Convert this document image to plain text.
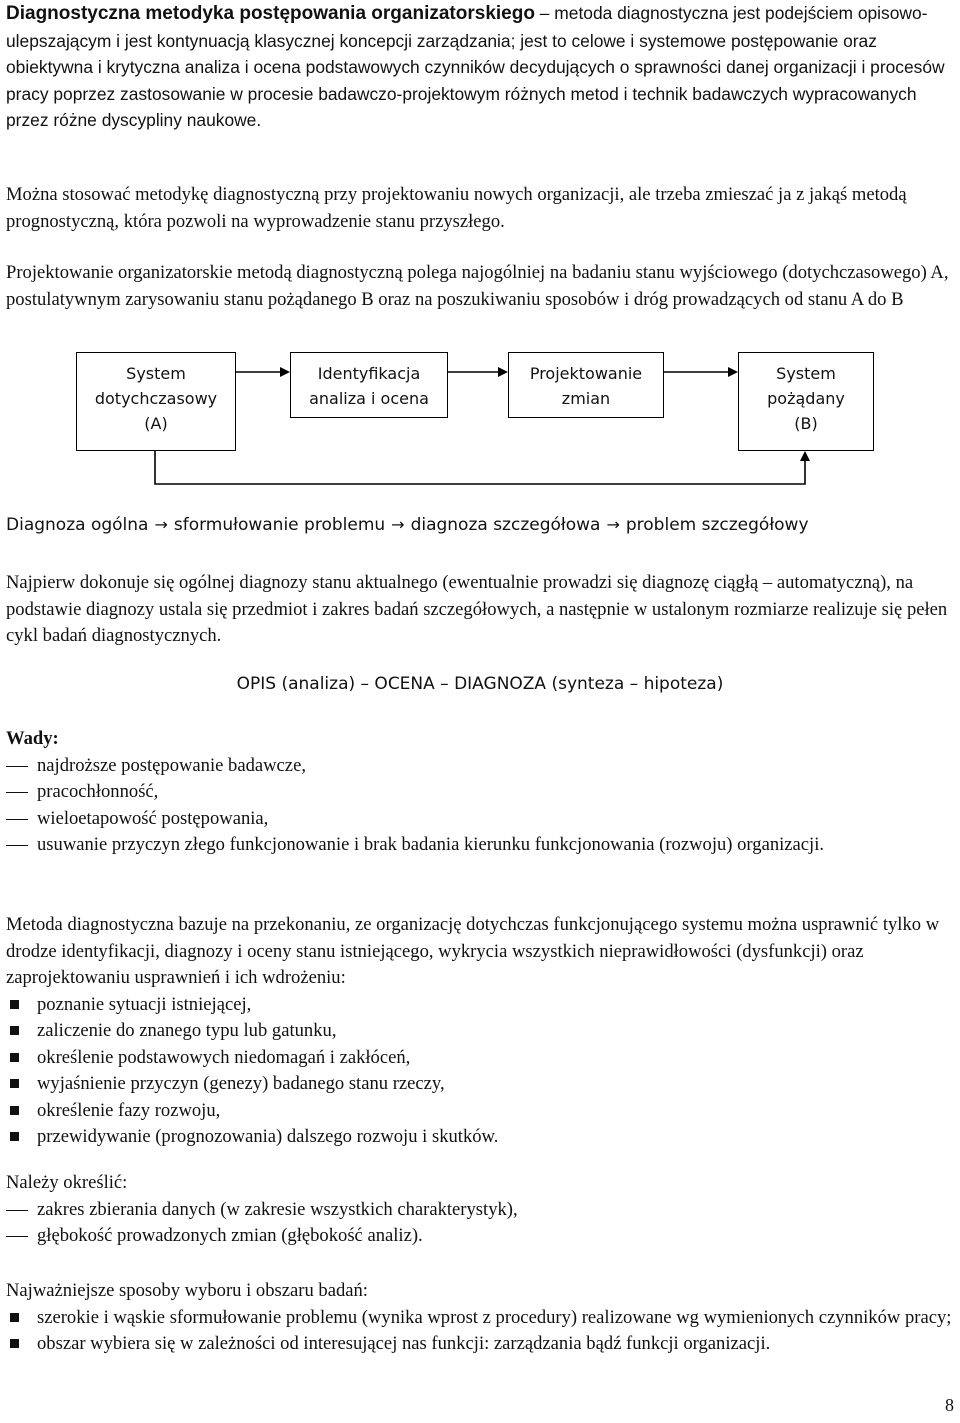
Diagnostyczna metodyka postępowania organizatorskiego – metoda diagnostyczna jest podejściem opisowo-ulepszającym i jest kontynuacją klasycznej koncepcji zarządzania; jest to celowe i systemowe postępowanie oraz obiektywna i krytyczna analiza i ocena podstawowych czynników decydujących o sprawności danej organizacji i procesów pracy poprzez zastosowanie w procesie badawczo-projektowym różnych metod i technik badawczych wypracowanych przez różne dyscypliny naukowe.

Można stosować metodykę diagnostyczną przy projektowaniu nowych organizacji, ale trzeba zmieszać ja z jakąś metodą prognostyczną, która pozwoli na wyprowadzenie stanu przyszłego.

Projektowanie organizatorskie metodą diagnostyczną polega najogólniej na badaniu stanu wyjściowego (dotychczasowego) A, postulatywnym zarysowaniu stanu pożądanego B oraz na poszukiwaniu sposobów i dróg prowadzących od stanu A do B

System
dotychczasowy
(A)
Identyfikacja
analiza i ocena
Projektowanie
zmian
System
pożądany
(B)
Diagnoza ogólna → sformułowanie problemu → diagnoza szczegółowa → problem szczegółowy

Najpierw dokonuje się ogólnej diagnozy stanu aktualnego (ewentualnie prowadzi się diagnozę ciągłą – automatyczną), na podstawie diagnozy ustala się przedmiot i zakres badań szczegółowych, a następnie w ustalonym rozmiarze realizuje się pełen cykl badań diagnostycznych.

OPIS (analiza) – OCENA – DIAGNOZA (synteza – hipoteza)

Wady:

najdroższe postępowanie badawcze,
pracochłonność,
wieloetapowość postępowania,
usuwanie przyczyn złego funkcjonowanie i brak badania kierunku funkcjonowania (rozwoju) organizacji.

Metoda diagnostyczna bazuje na przekonaniu, ze organizację dotychczas funkcjonującego systemu można usprawnić tylko w drodze identyfikacji, diagnozy i oceny stanu istniejącego, wykrycia wszystkich nieprawidłowości (dysfunkcji) oraz zaprojektowaniu usprawnień i ich wdrożeniu:

poznanie sytuacji istniejącej,
zaliczenie do znanego typu lub gatunku,
określenie podstawowych niedomagań i zakłóceń,
wyjaśnienie przyczyn (genezy) badanego stanu rzeczy,
określenie fazy rozwoju,
przewidywanie (prognozowania) dalszego rozwoju i skutków.

Należy określić:

zakres zbierania danych (w zakresie wszystkich charakterystyk),
głębokość prowadzonych zmian (głębokość analiz).

Najważniejsze sposoby wyboru i obszaru badań:

szerokie i wąskie sformułowanie problemu (wynika wprost z procedury) realizowane wg wymienionych czynników pracy;
obszar wybiera się w zależności od interesującej nas funkcji: zarządzania bądź funkcji organizacji.
8
